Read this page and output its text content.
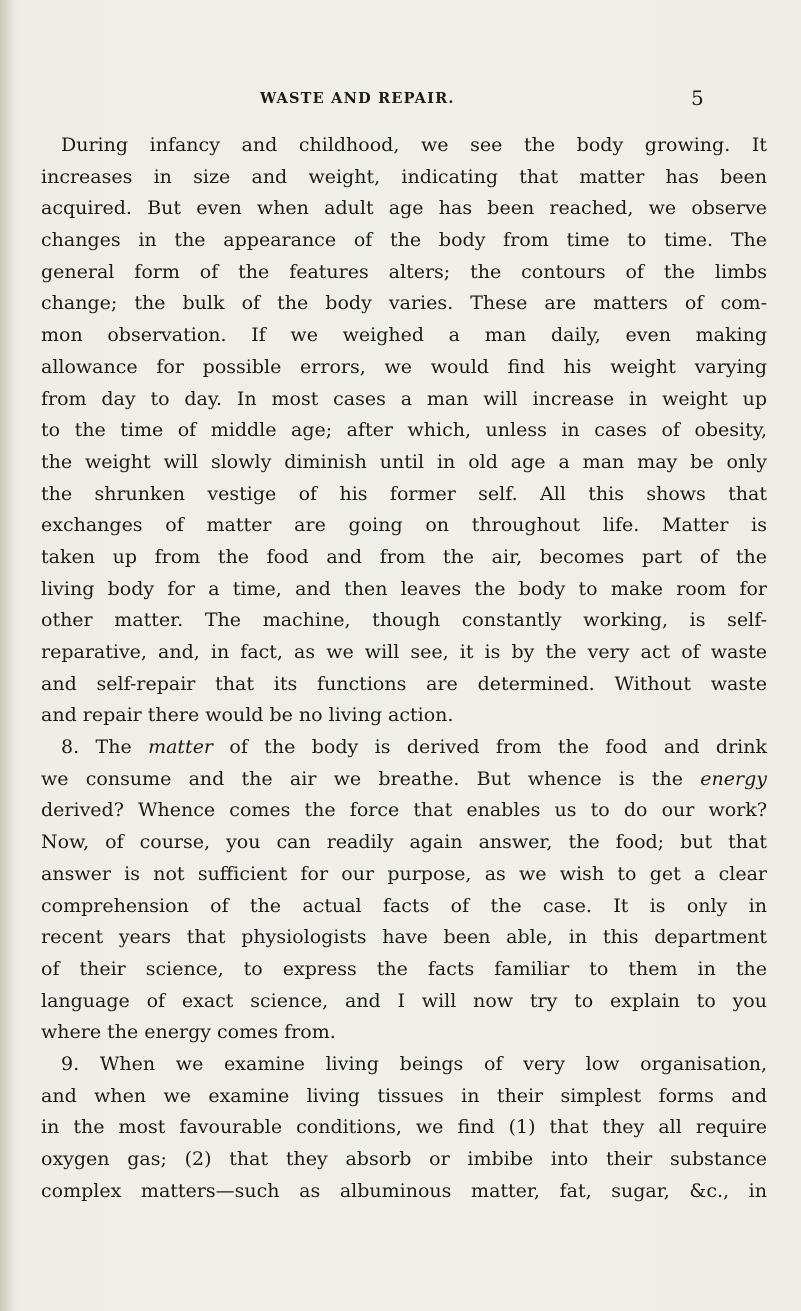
WASTE AND REPAIR.	5
During infancy and childhood, we see the body growing. It
increases in size and weight, indicating that matter has been
acquired. But even when adult age has been reached, we observe
changes in the appearance of the body from time to time. The
general form of the features alters; the contours of the limbs
change; the bulk of the body varies. These are matters of com-
mon observation. If we weighed a man daily, even making
allowance for possible errors, we would find his weight varying
from day to day. In most cases a man will increase in weight up
to the time of middle age; after which, unless in cases of obesity,
the weight will slowly diminish until in old age a man may be only
the shrunken vestige of his former self. All this shows that
exchanges of matter are going on throughout life. Matter is
taken up from the food and from the air, becomes part of the
living body for a time, and then leaves the body to make room for
other matter. The machine, though constantly working, is self-
reparative, and, in fact, as we will see, it is by the very act of waste
and self-repair that its functions are determined. Without waste
and repair there would be no living action.
8. The matter of the body is derived from the food and drink
we consume and the air we breathe. But whence is the energy
derived? Whence comes the force that enables us to do our work?
Now, of course, you can readily again answer, the food; but that
answer is not sufficient for our purpose, as we wish to get a clear
comprehension of the actual facts of the case. It is only in
recent years that physiologists have been able, in this department
of their science, to express the facts familiar to them in the
language of exact science, and I will now try to explain to you
where the energy comes from.
9. When we examine living beings of very low organisation,
and when we examine living tissues in their simplest forms and
in the most favourable conditions, we find (1) that they all require
oxygen gas; (2) that they absorb or imbibe into their substance
complex matters—such as albuminous matter, fat, sugar, &c., in
